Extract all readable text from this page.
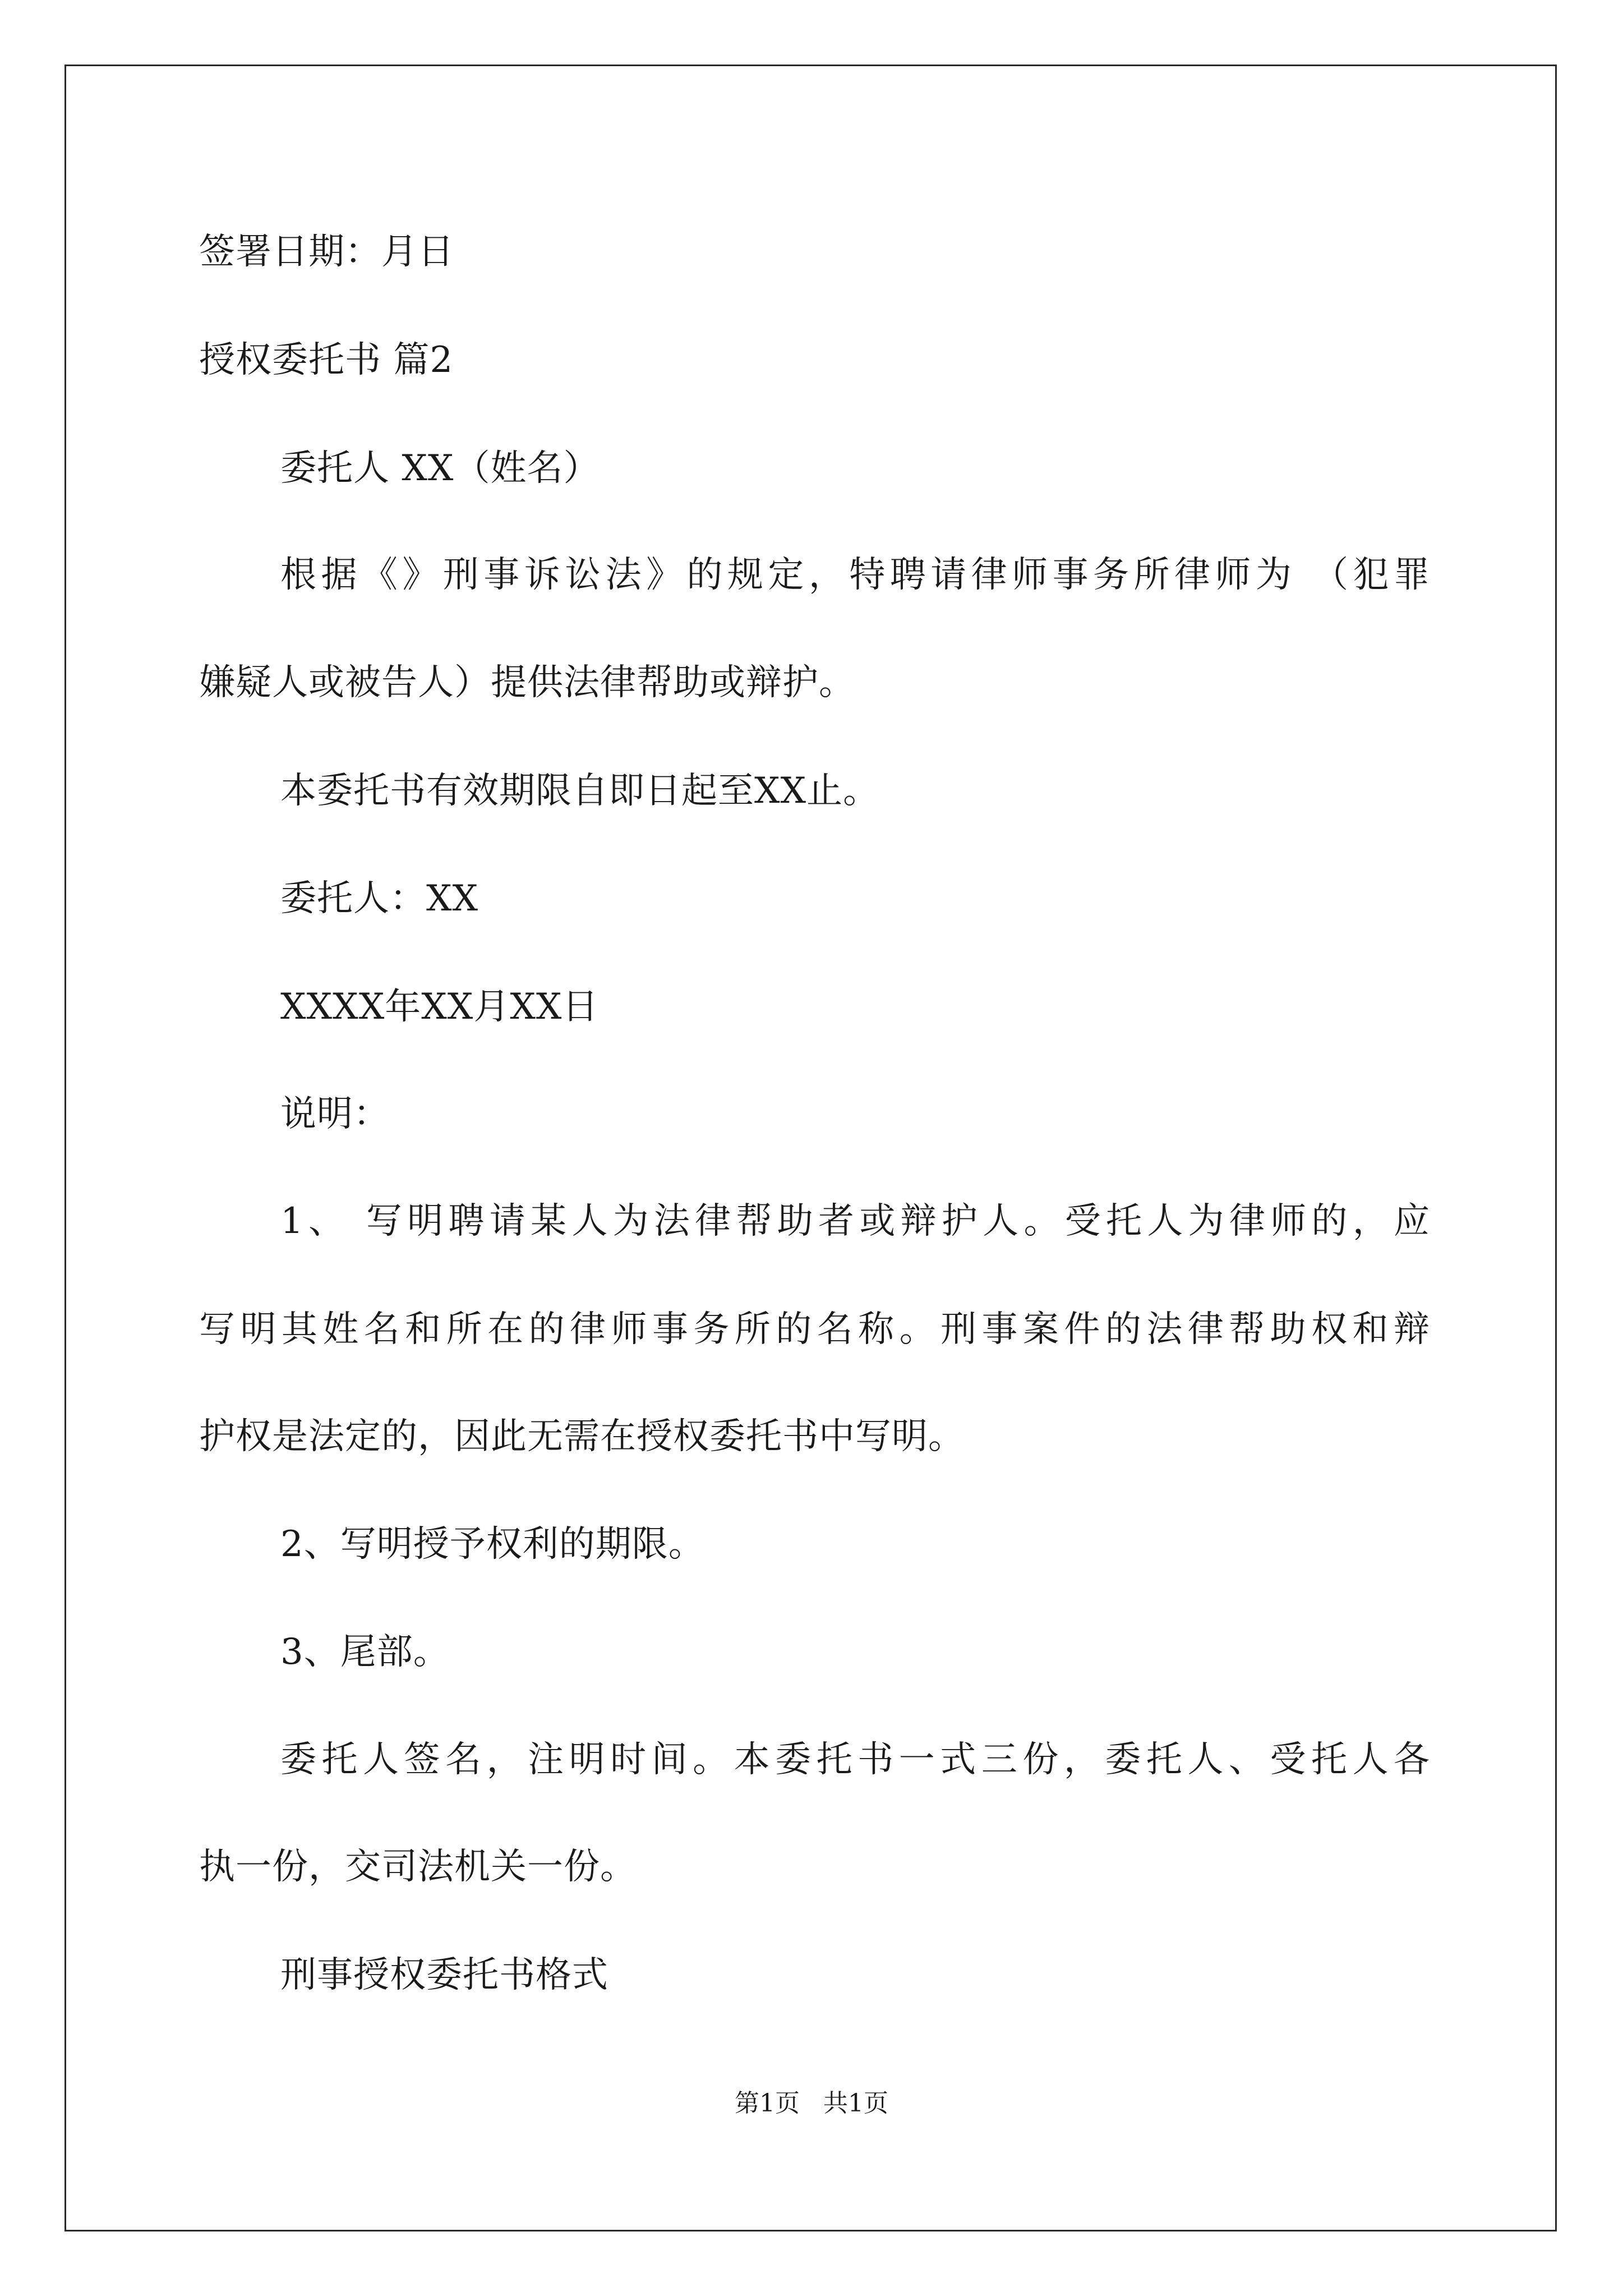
签署日期：月日
授权委托书 篇2
委托人 XX（姓名）
根据《》刑事诉讼法》的规定，特聘请律师事务所律师为 （犯罪
嫌疑人或被告人）提供法律帮助或辩护。
本委托书有效期限自即日起至XX止。
委托人：XX
XXXX年XX月XX日
说明：
1、 写明聘请某人为法律帮助者或辩护人。受托人为律师的，应
写明其姓名和所在的律师事务所的名称。刑事案件的法律帮助权和辩
护权是法定的，因此无需在授权委托书中写明。
2、写明授予权利的期限。
3、尾部。
委托人签名，注明时间。本委托书一式三份，委托人、受托人各
执一份，交司法机关一份。
刑事授权委托书格式
第1页   共1页
